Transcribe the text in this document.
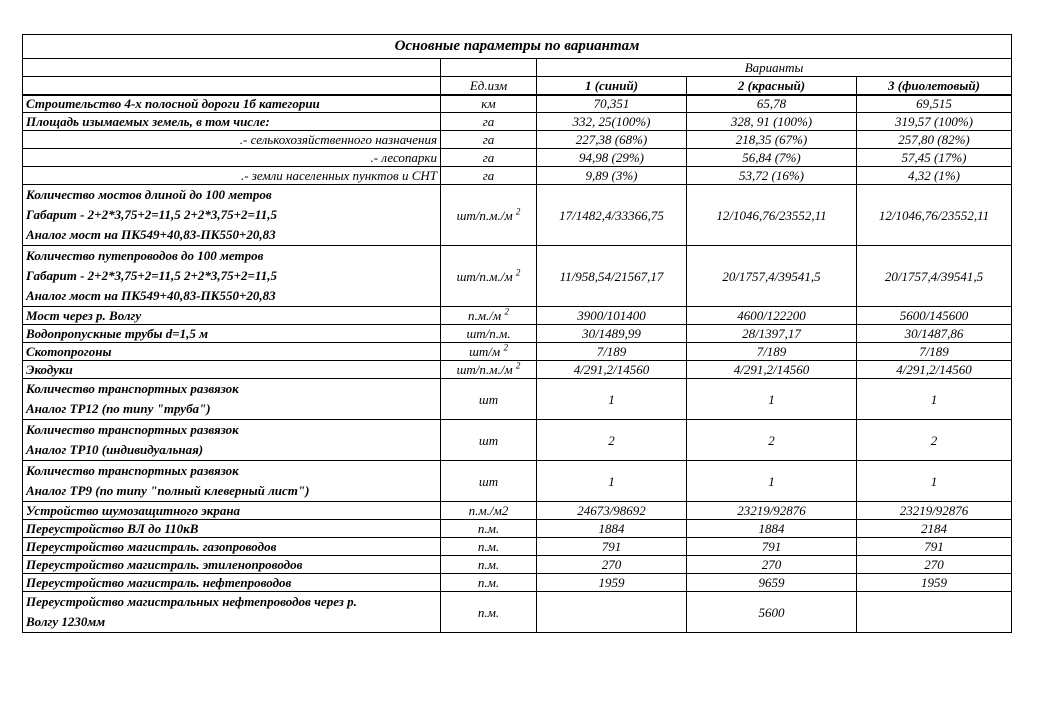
Основные параметры по вариантам				
		Варианты		
	Ед.изм	1 (синий)	2 (красный)	3 (фиолетовый)

Строительство 4-х полосной дороги 1б категории	км	70,351	65,78	69,515

Площадь изымаемых земель, в том числе:	га	332, 25(100%)	328, 91 (100%)	319,57 (100%)

.- селькохозяйственного назначения	га	227,38 (68%)	218,35 (67%)	257,80 (82%)

.- лесопарки	га	94,98 (29%)	56,84 (7%)	57,45 (17%)

.- земли населенных пунктов и СНТ	га	9,89 (3%)	53,72 (16%)	4,32 (1%)

Количество мостов длиной до 100 метров
Габарит - 2+2*3,75+2=11,5 2+2*3,75+2=11,5
Аналог мост на ПК549+40,83-ПК550+20,83	шт/п.м./м $^2$	17/1482,4/33366,75	12/1046,76/23552,11	12/1046,76/23552,11

Количество путепроводов до 100 метров
Габарит - 2+2*3,75+2=11,5 2+2*3,75+2=11,5
Аналог мост на ПК549+40,83-ПК550+20,83	шт/п.м./м $^2$	11/958,54/21567,17	20/1757,4/39541,5	20/1757,4/39541,5

Мост через р. Волгу	п.м./м $^2$	3900/101400	4600/122200	5600/145600

Водопропускные трубы d=1,5 м	шт/п.м.	30/1489,99	28/1397,17	30/1487,86

Скотопрогоны	шт/м $^2$	7/189	7/189	7/189

Экодуки	шт/п.м./м $^2$	4/291,2/14560	4/291,2/14560	4/291,2/14560

Количество транспортных развязок
Аналог ТР12 (по типу "труба")	шт	1	1	1

Количество транспортных развязок
Аналог ТР10 (индивидуальная)	шт	2	2	2

Количество транспортных развязок
Аналог ТР9 (по типу "полный клеверный лист")	шт	1	1	1

Устройство шумозащитного экрана	п.м./м2	24673/98692	23219/92876	23219/92876

Переустройство ВЛ до 110кВ	п.м.	1884	1884	2184

Переустройство магистраль. газопроводов	п.м.	791	791	791

Переустройство магистраль. этиленопроводов	п.м.	270	270	270

Переустройство магистраль. нефтепроводов	п.м.	1959	9659	1959

Переустройство магистральных нефтепроводов через р.
Волгу 1230мм	п.м.		5600	
